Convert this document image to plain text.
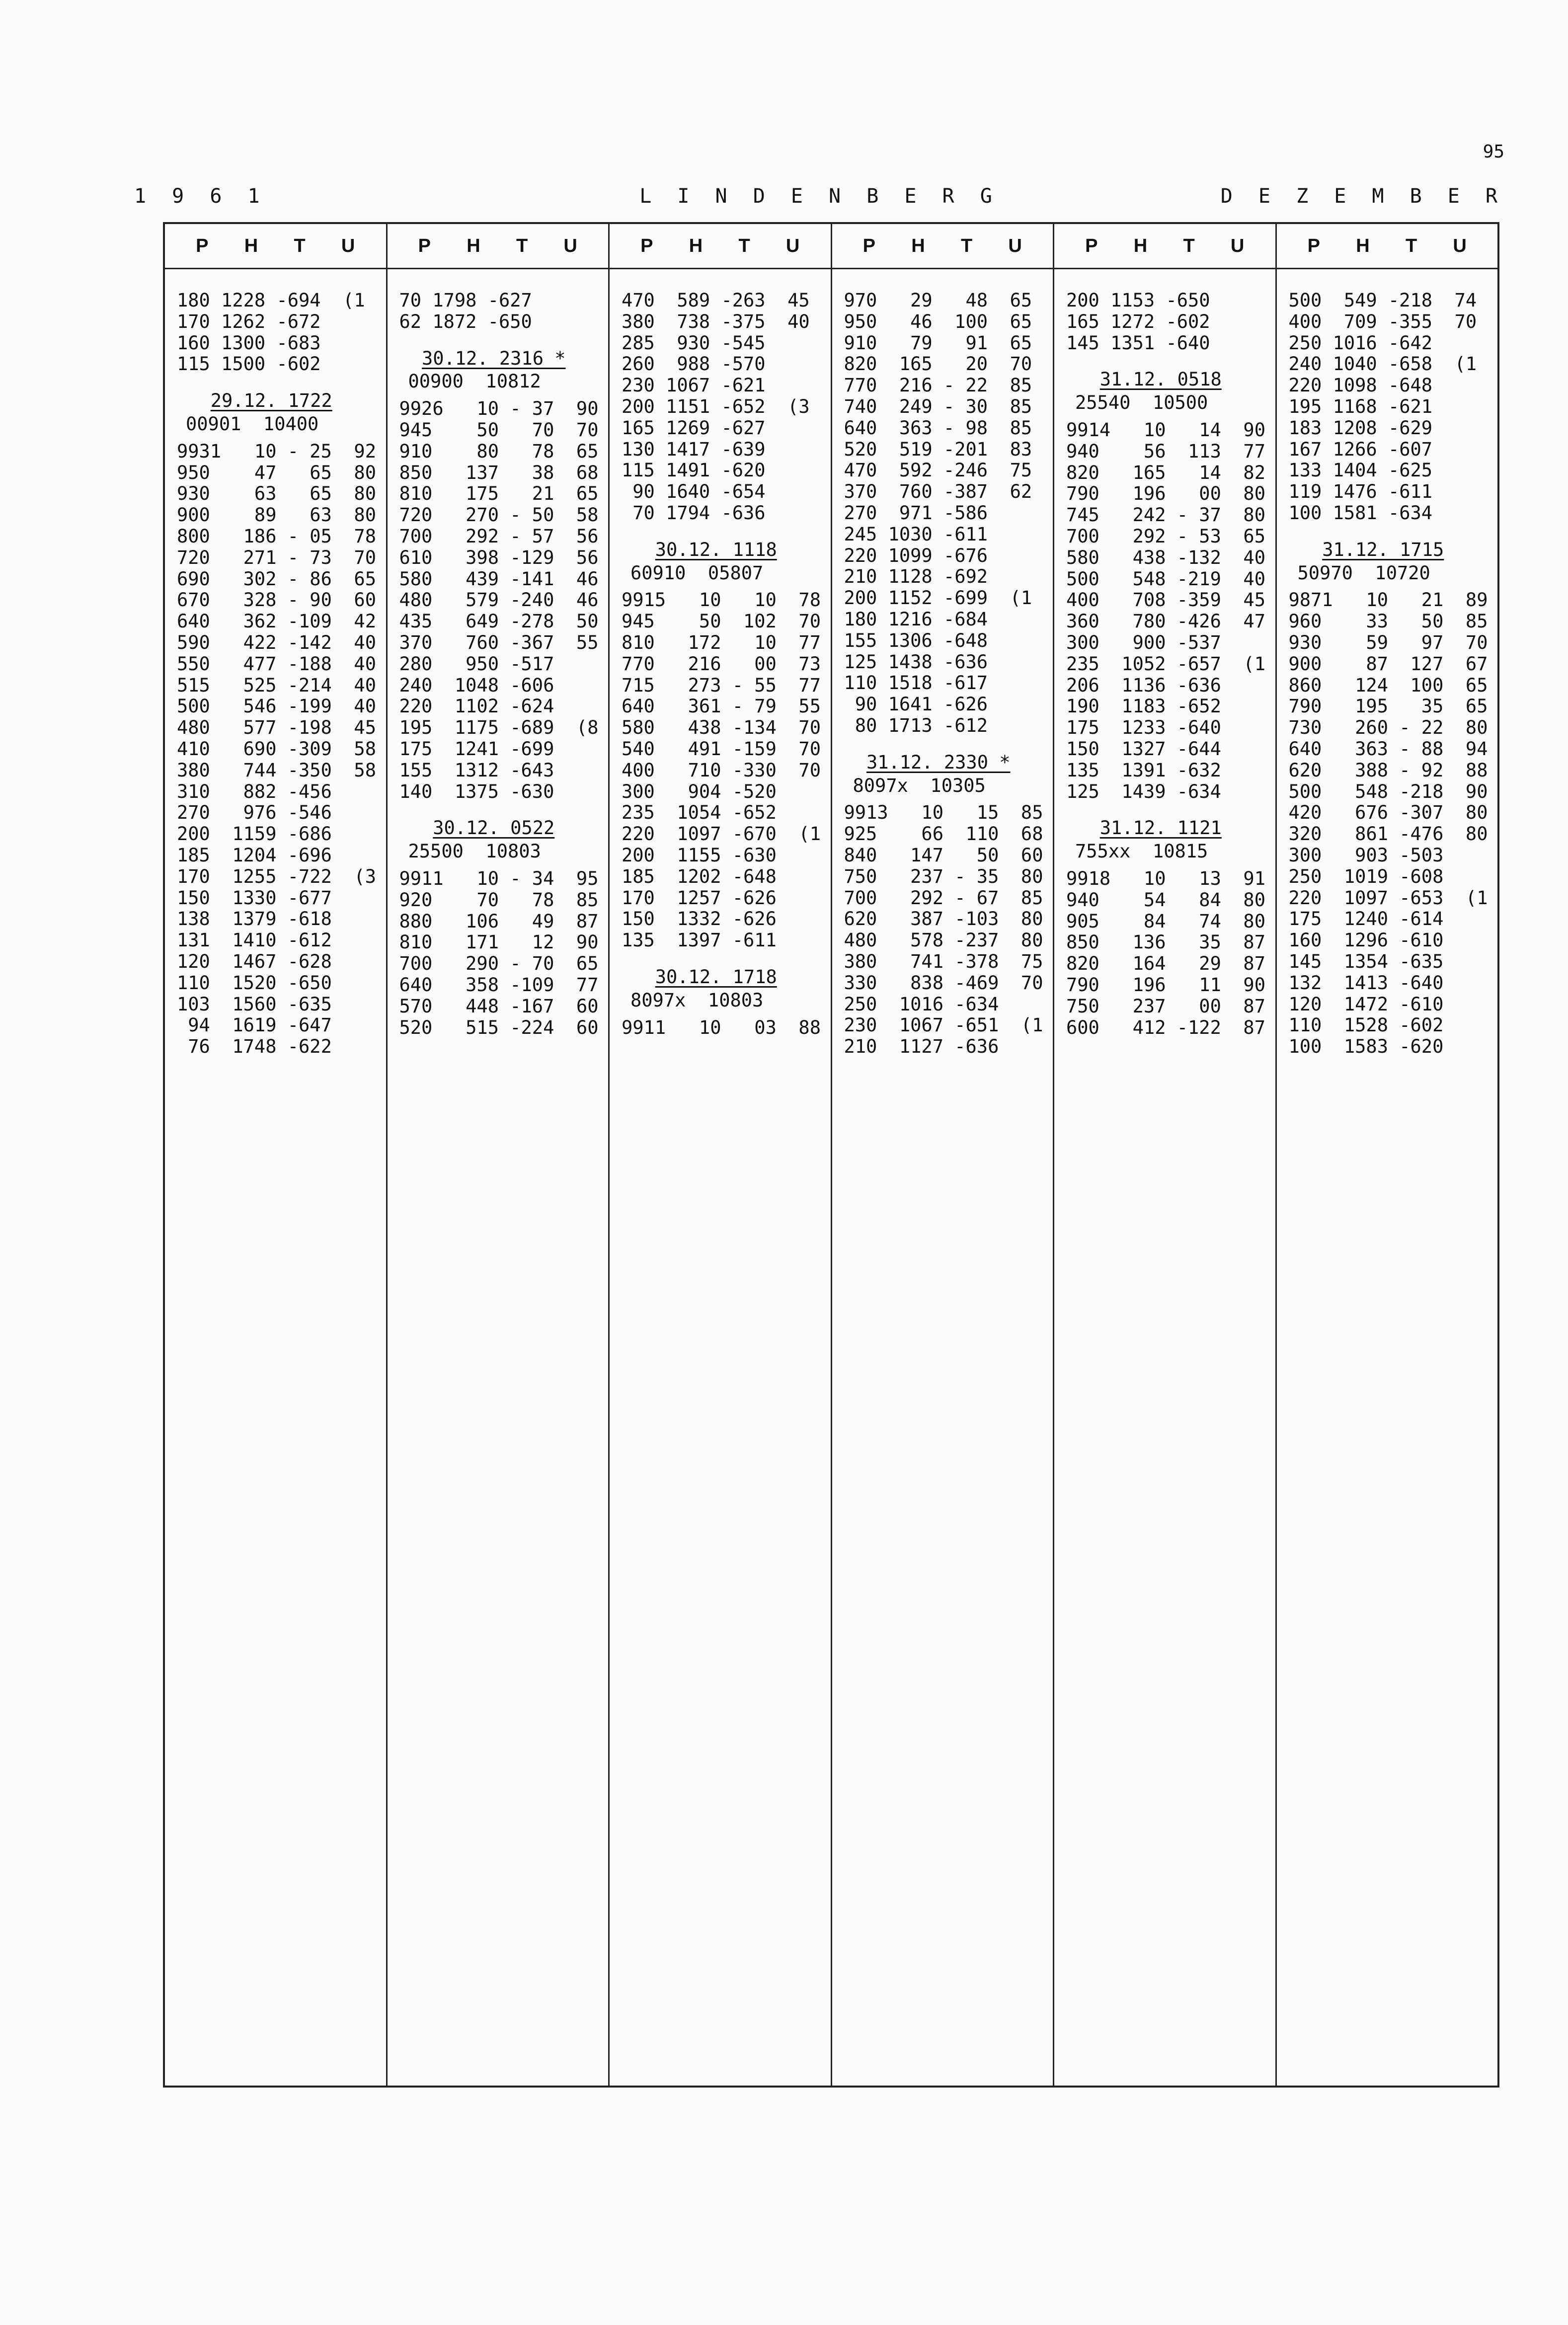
95
1 9 6 1	L I N D E N B E R G	D E Z E M B E R
P H T U
180 1228 -694  (1
170 1262 -672
160 1300 -683
115 1500 -602
29.12. 1722
00901  10400
9931   10 - 25  92
950    47   65  80
930    63   65  80
900    89   63  80
800   186 - 05  78
720   271 - 73  70
690   302 - 86  65
670   328 - 90  60
640   362 -109  42
590   422 -142  40
550   477 -188  40
515   525 -214  40
500   546 -199  40
480   577 -198  45
410   690 -309  58
380   744 -350  58
310   882 -456
270   976 -546
200  1159 -686
185  1204 -696
170  1255 -722  (3
150  1330 -677
138  1379 -618
131  1410 -612
120  1467 -628
110  1520 -650
103  1560 -635
94  1619 -647
76  1748 -622
P H T U
70 1798 -627
62 1872 -650
30.12. 2316 *
00900  10812
9926   10 - 37  90
945    50   70  70
910    80   78  65
850   137   38  68
810   175   21  65
720   270 - 50  58
700   292 - 57  56
610   398 -129  56
580   439 -141  46
480   579 -240  46
435   649 -278  50
370   760 -367  55
280   950 -517
240  1048 -606
220  1102 -624
195  1175 -689  (8
175  1241 -699
155  1312 -643
140  1375 -630
30.12. 0522
25500  10803
9911   10 - 34  95
920    70   78  85
880   106   49  87
810   171   12  90
700   290 - 70  65
640   358 -109  77
570   448 -167  60
520   515 -224  60
P H T U
470  589 -263  45
380  738 -375  40
285  930 -545
260  988 -570
230 1067 -621
200 1151 -652  (3
165 1269 -627
130 1417 -639
115 1491 -620
90 1640 -654
70 1794 -636
30.12. 1118
60910  05807
9915   10   10  78
945    50  102  70
810   172   10  77
770   216   00  73
715   273 - 55  77
640   361 - 79  55
580   438 -134  70
540   491 -159  70
400   710 -330  70
300   904 -520
235  1054 -652
220  1097 -670  (1
200  1155 -630
185  1202 -648
170  1257 -626
150  1332 -626
135  1397 -611
30.12. 1718
8097x  10803
9911   10   03  88
P H T U
970   29   48  65
950   46  100  65
910   79   91  65
820  165   20  70
770  216 - 22  85
740  249 - 30  85
640  363 - 98  85
520  519 -201  83
470  592 -246  75
370  760 -387  62
270  971 -586
245 1030 -611
220 1099 -676
210 1128 -692
200 1152 -699  (1
180 1216 -684
155 1306 -648
125 1438 -636
110 1518 -617
90 1641 -626
80 1713 -612
31.12. 2330 *
8097x  10305
9913   10   15  85
925    66  110  68
840   147   50  60
750   237 - 35  80
700   292 - 67  85
620   387 -103  80
480   578 -237  80
380   741 -378  75
330   838 -469  70
250  1016 -634
230  1067 -651  (1
210  1127 -636
P H T U
200 1153 -650
165 1272 -602
145 1351 -640
31.12. 0518
25540  10500
9914   10   14  90
940    56  113  77
820   165   14  82
790   196   00  80
745   242 - 37  80
700   292 - 53  65
580   438 -132  40
500   548 -219  40
400   708 -359  45
360   780 -426  47
300   900 -537
235  1052 -657  (1
206  1136 -636
190  1183 -652
175  1233 -640
150  1327 -644
135  1391 -632
125  1439 -634
31.12. 1121
755xx  10815
9918   10   13  91
940    54   84  80
905    84   74  80
850   136   35  87
820   164   29  87
790   196   11  90
750   237   00  87
600   412 -122  87
P H T U
500  549 -218  74
400  709 -355  70
250 1016 -642
240 1040 -658  (1
220 1098 -648
195 1168 -621
183 1208 -629
167 1266 -607
133 1404 -625
119 1476 -611
100 1581 -634
31.12. 1715
50970  10720
9871   10   21  89
960    33   50  85
930    59   97  70
900    87  127  67
860   124  100  65
790   195   35  65
730   260 - 22  80
640   363 - 88  94
620   388 - 92  88
500   548 -218  90
420   676 -307  80
320   861 -476  80
300   903 -503
250  1019 -608
220  1097 -653  (1
175  1240 -614
160  1296 -610
145  1354 -635
132  1413 -640
120  1472 -610
110  1528 -602
100  1583 -620
